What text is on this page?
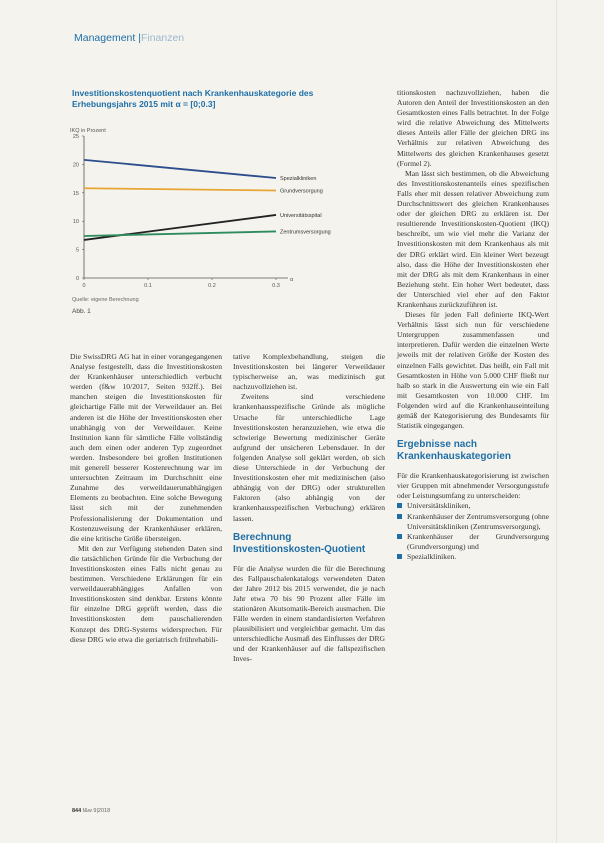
Management |Finanzen
Investitionskostenquotient nach Krankenhauskategorie des Erhebungsjahrs 2015 mit α = [0;0.3]
IKQ in Prozent
0
5
10
15
20
25
0	0.1	0.2	0.3
α
Spezialkliniken
Grundversorgung
Universitätsspital
Zentrumsversorgung
Quelle: eigene Berechnung
Abb. 1

Die SwissDRG AG hat in einer vorangegangenen Analyse festgestellt, dass die Investitionskosten der Krankenhäuser unterschiedlich verbucht werden (f&w 10/2017, Seiten 932ff.). Bei manchen steigen die Investitionskosten für gleichartige Fälle mit der Verweildauer an. Bei anderen ist die Höhe der Investitionskosten eher unabhängig von der Verweildauer. Keine Institution kann für sämtliche Fälle vollständig auch dem einen oder anderen Typ zugeordnet werden. Insbesondere bei großen Institutionen mit generell besserer Kostenrechnung war im untersuchten Zeitraum im Durchschnitt eine Zunahme des verweildauerunabhängigen Elements zu beobachten. Eine solche Bewegung lässt sich mit der zunehmenden Professionalisierung der Dokumentation und Kostenzuweisung der Krankenhäuser erklären, die eine kritische Größe übersteigen.

Mit den zur Verfügung stehenden Daten sind die tatsächlichen Gründe für die Verbuchung der Investitionskosten eines Falls nicht genau zu bestimmen. Verschiedene Erklärungen für ein verweildauerabhängiges Anfallen von Investitionskosten sind denkbar. Erstens könnte für einzelne DRG geprüft werden, dass die Investitionskosten dem pauschalierenden Konzept des DRG-Systems widersprechen. Für diese DRG wie etwa die geriatrisch frührehabili-

tative Komplexbehandlung, steigen die Investitionskosten bei längerer Verweildauer typischerweise an, was medizinisch gut nachzuvollziehen ist.

Zweitens sind verschiedene krankenhausspezifische Gründe als mögliche Ursache für unterschiedliche Lage Investitionskosten heranzuziehen, wie etwa die schwierige Bewertung medizinischer Geräte aufgrund der unsicheren Lebensdauer. In der folgenden Analyse soll geklärt werden, ob sich diese Unterschiede in der Verbuchung der Investitionskosten eher mit medizinischen (also abhängig von der DRG) oder strukturellen Faktoren (also abhängig von der krankenhausspezifischen Verbuchung) erklären lassen.

Berechnung Investitionskosten-Quotient

Für die Analyse wurden die für die Berechnung des Fallpauschalenkatalogs verwendeten Daten der Jahre 2012 bis 2015 verwendet, die je nach Jahr etwa 70 bis 90 Prozent aller Fälle im stationären Akutsomatik-Bereich ausmachen. Die Fälle werden in einem standardisierten Verfahren plausibilisiert und vergleichbar gemacht. Um das unterschiedliche Ausmaß des Einflusses der DRG und der Krankenhäuser auf die fallspezifischen Inves-

titionskosten nachzuvollziehen, haben die Autoren den Anteil der Investitionskosten an den Gesamtkosten eines Falls betrachtet. In der Folge wird die relative Abweichung des Mittelwerts dieses Anteils aller Fälle der gleichen DRG ins Verhältnis zur relativen Abweichung des Mittelwerts des gleichen Krankenhauses gesetzt (Formel 2).

Man lässt sich bestimmen, ob die Abweichung des Investitionskostenanteils eines spezifischen Falls eher mit dessen relativer Abweichung zum Durchschnittswert des gleichen Krankenhauses oder der gleichen DRG zu erklären ist. Der resultierende Investitionskosten-Quotient (IKQ) beschreibt, um wie viel mehr die Varianz der Investitionskosten mit dem Krankenhaus als mit der DRG erklärt wird. Ein kleiner Wert bezeugt also, dass die Höhe der Investitionskosten eher mit der DRG als mit dem Krankenhaus in einer Beziehung steht. Ein hoher Wert bedeutet, dass der Unterschied viel eher auf den Faktor Krankenhaus zurückzuführen ist.

Dieses für jeden Fall definierte IKQ-Wert Verhältnis lässt sich nun für verschiedene Untergruppen zusammenfassen und interpretieren. Dafür werden die einzelnen Werte jeweils mit der relativen Größe der Kosten des einzelnen Falls gewichtet. Das heißt, ein Fall mit Gesamtkosten in Höhe von 5.000 CHF fließt nur halb so stark in die Auswertung ein wie ein Fall mit Gesamtkosten von 10.000 CHF. Im Folgenden wird auf die Krankenhauseinteilung gemäß der Kategorisierung des Bundesamts für Statistik eingegangen.

Ergebnisse nach Krankenhauskategorien

Für die Krankenhauskategorisierung ist zwischen vier Gruppen mit abnehmender Versorgungsstufe oder Leistungsumfang zu unterscheiden:

Universitätskliniken,
Krankenhäuser der Zentrumsversorgung (ohne Universitätskliniken (Zentrumsversorgung),
Krankenhäuser der Grundversorgung (Grundversorgung) und
Spezialkliniken.
844 f&w 9|2018
